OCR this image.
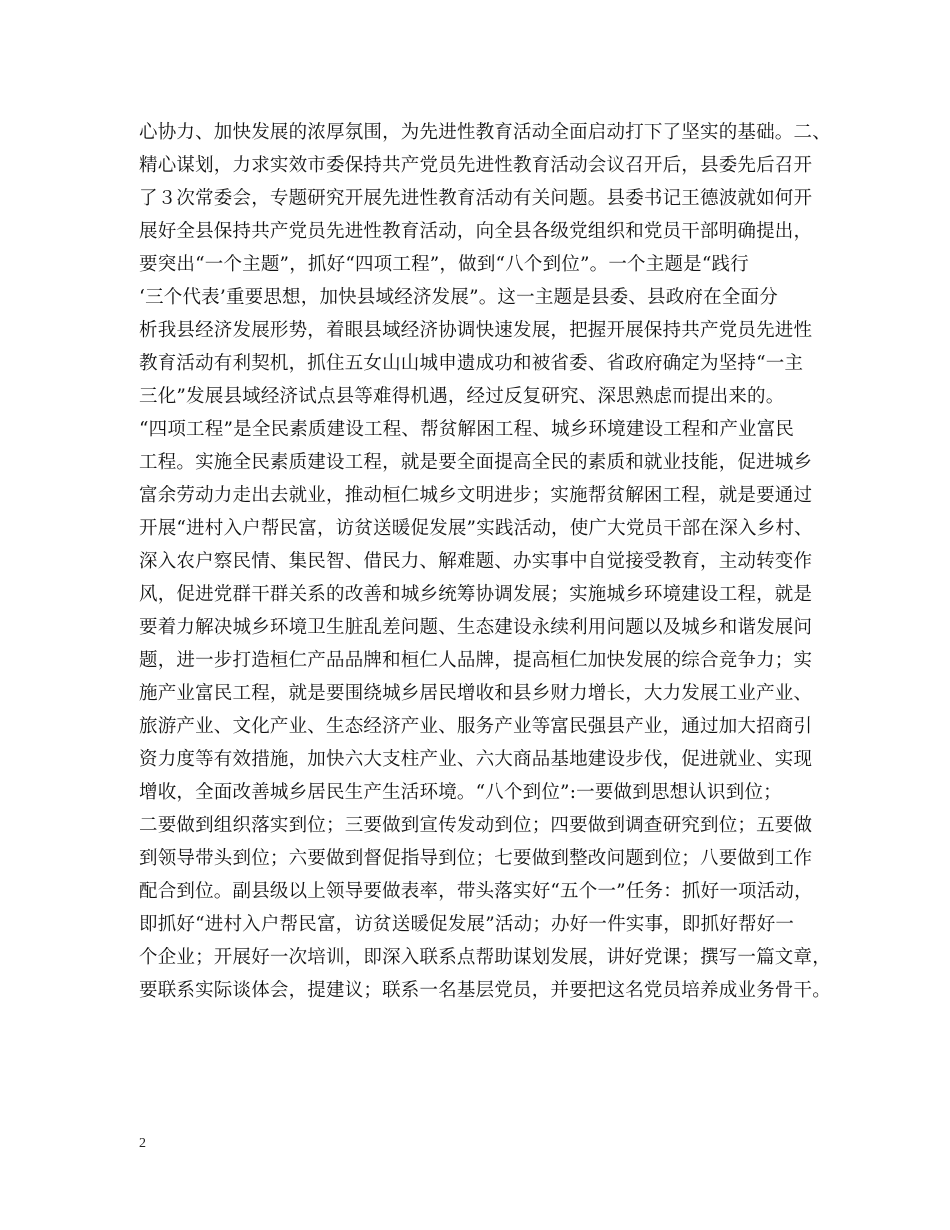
心协力、加快发展的浓厚氛围，为先进性教育活动全面启动打下了坚实的基础。二、
精心谋划，力求实效市委保持共产党员先进性教育活动会议召开后，县委先后召开
了３次常委会，专题研究开展先进性教育活动有关问题。县委书记王德波就如何开
展好全县保持共产党员先进性教育活动，向全县各级党组织和党员干部明确提出，
要突出“一个主题”，抓好“四项工程”，做到“八个到位”。一个主题是“践行
‘三个代表’重要思想，加快县域经济发展”。这一主题是县委、县政府在全面分
析我县经济发展形势，着眼县域经济协调快速发展，把握开展保持共产党员先进性
教育活动有利契机，抓住五女山山城申遗成功和被省委、省政府确定为坚持“一主
三化”发展县域经济试点县等难得机遇，经过反复研究、深思熟虑而提出来的。
“四项工程”是全民素质建设工程、帮贫解困工程、城乡环境建设工程和产业富民
工程。实施全民素质建设工程，就是要全面提高全民的素质和就业技能，促进城乡
富余劳动力走出去就业，推动桓仁城乡文明进步；实施帮贫解困工程，就是要通过
开展“进村入户帮民富，访贫送暖促发展”实践活动，使广大党员干部在深入乡村、
深入农户察民情、集民智、借民力、解难题、办实事中自觉接受教育，主动转变作
风，促进党群干群关系的改善和城乡统筹协调发展；实施城乡环境建设工程，就是
要着力解决城乡环境卫生脏乱差问题、生态建设永续利用问题以及城乡和谐发展问
题，进一步打造桓仁产品品牌和桓仁人品牌，提高桓仁加快发展的综合竞争力；实
施产业富民工程，就是要围绕城乡居民增收和县乡财力增长，大力发展工业产业、
旅游产业、文化产业、生态经济产业、服务产业等富民强县产业，通过加大招商引
资力度等有效措施，加快六大支柱产业、六大商品基地建设步伐，促进就业、实现
增收，全面改善城乡居民生产生活环境。“八个到位”:一要做到思想认识到位；
二要做到组织落实到位；三要做到宣传发动到位；四要做到调查研究到位；五要做
到领导带头到位；六要做到督促指导到位；七要做到整改问题到位；八要做到工作
配合到位。副县级以上领导要做表率，带头落实好“五个一”任务：抓好一项活动，
即抓好“进村入户帮民富，访贫送暖促发展”活动；办好一件实事，即抓好帮好一
个企业；开展好一次培训，即深入联系点帮助谋划发展，讲好党课；撰写一篇文章，
要联系实际谈体会，提建议；联系一名基层党员，并要把这名党员培养成业务骨干。
2
